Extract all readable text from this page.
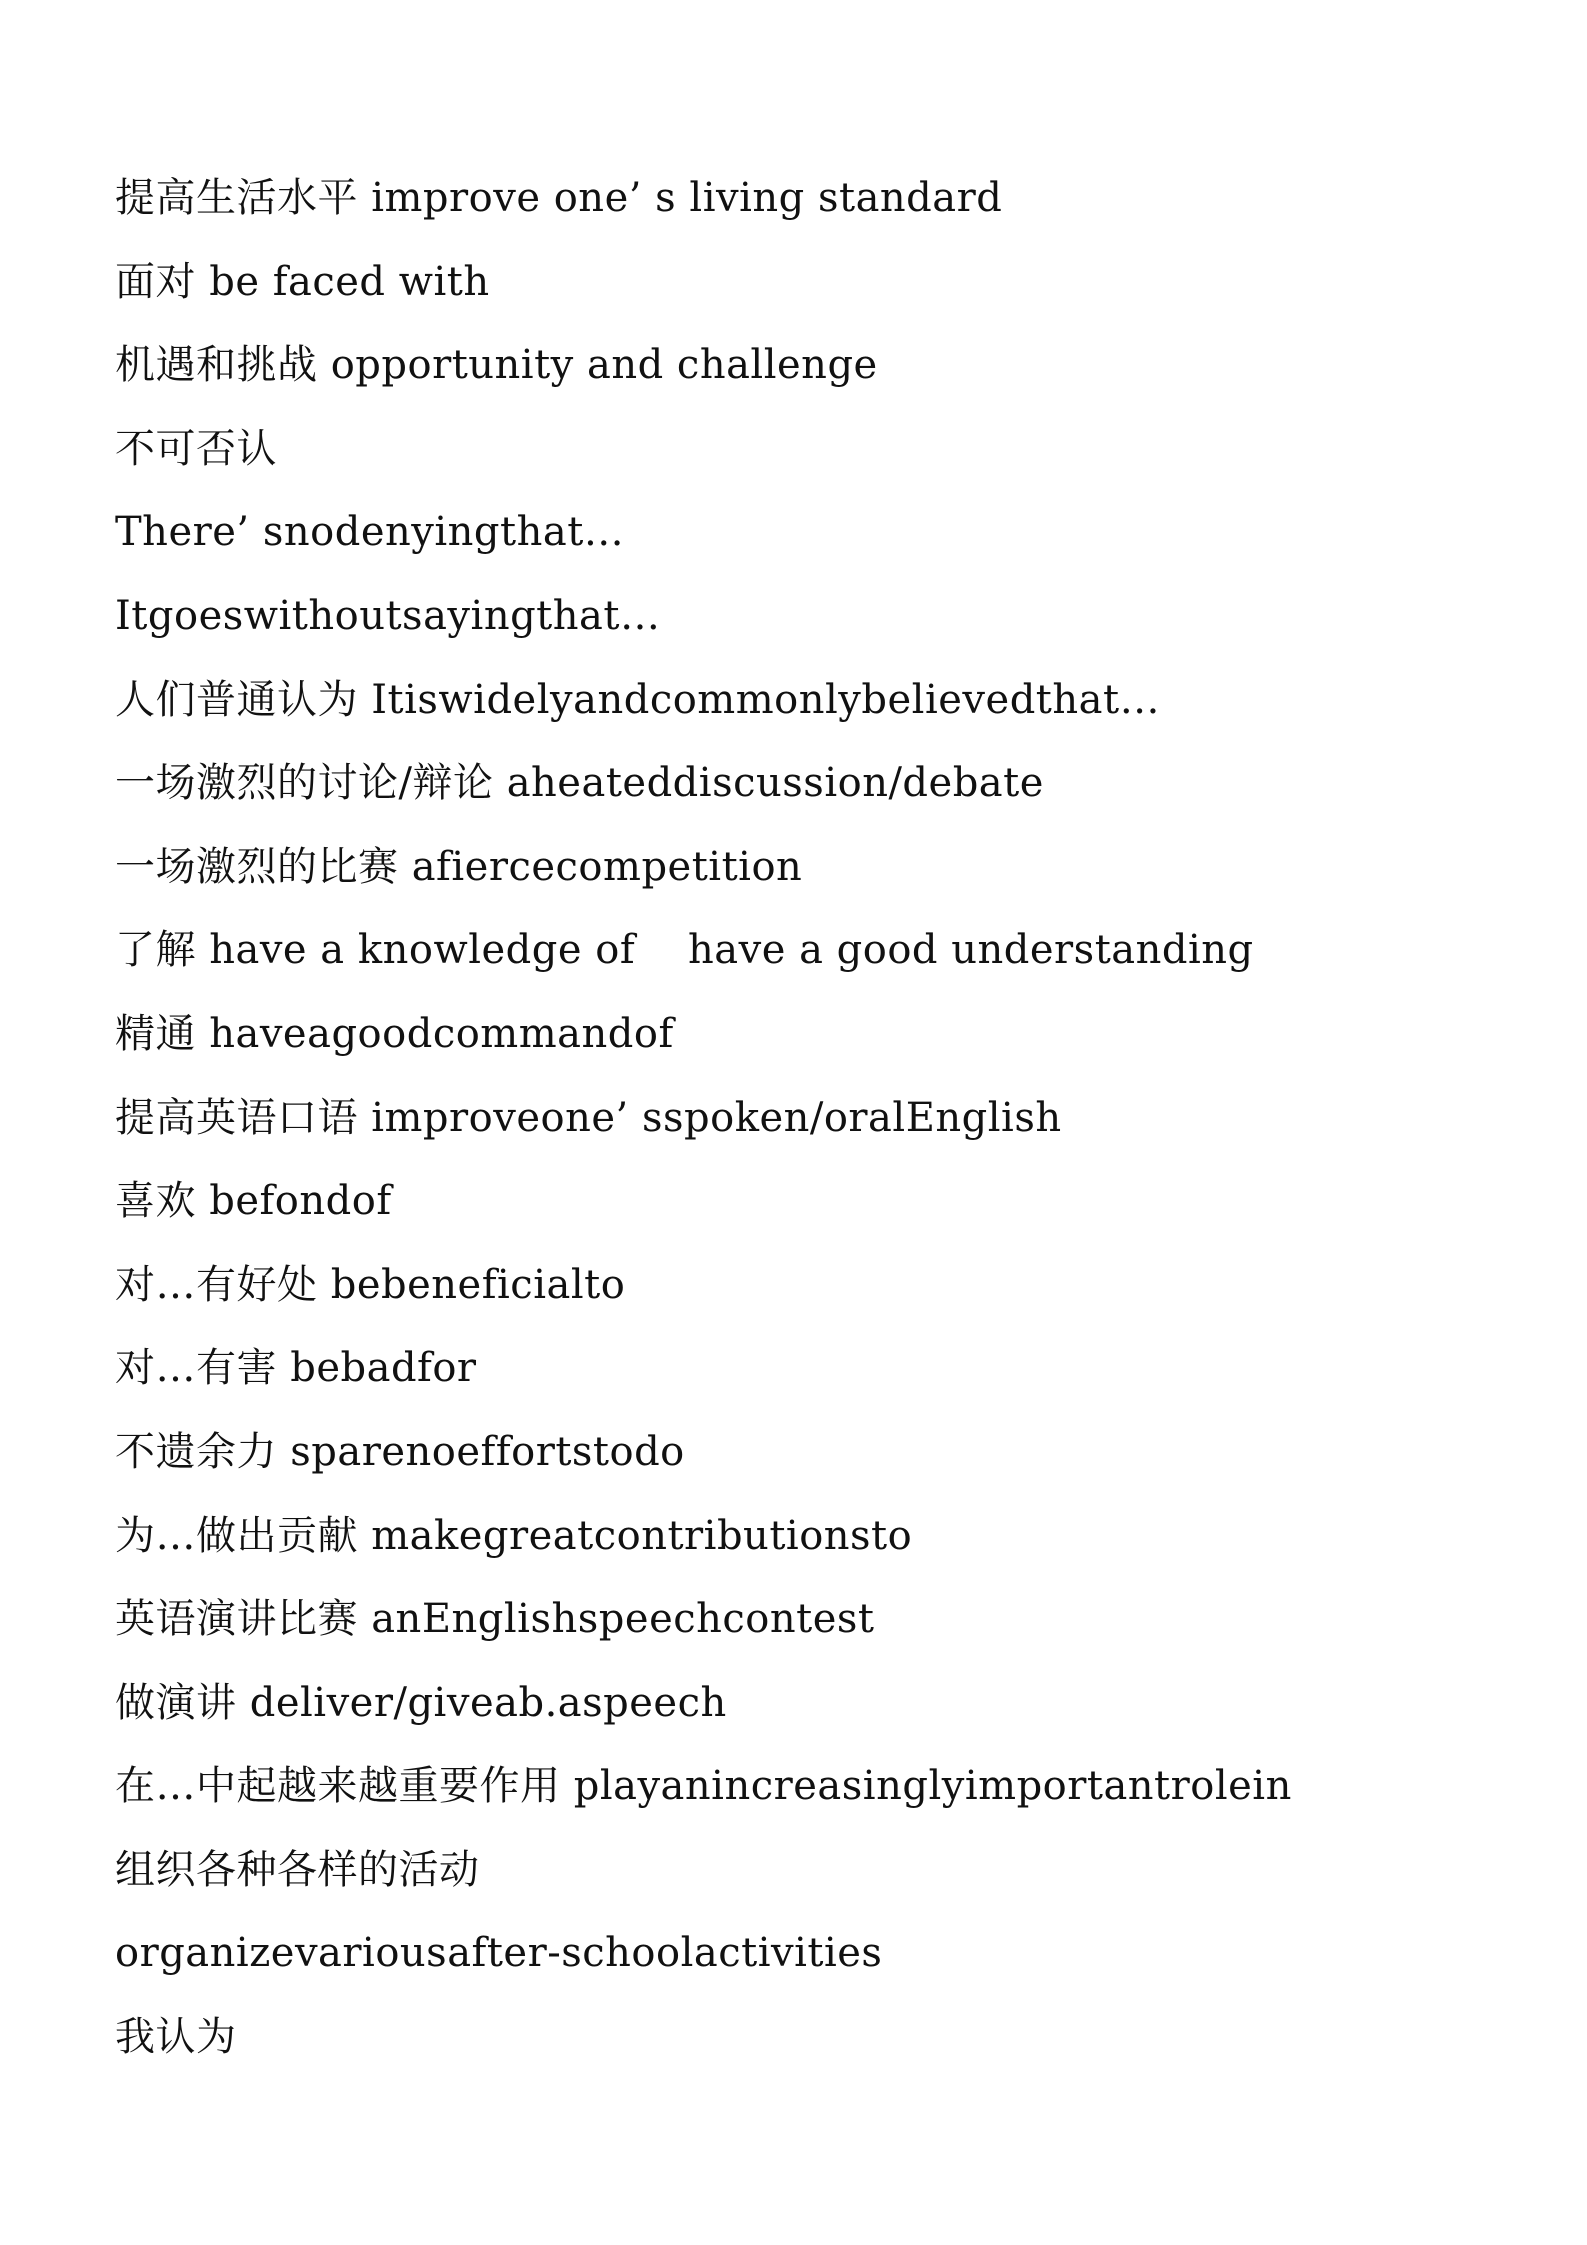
提高生活水平 improve one’ s living standard
面对 be faced with
机遇和挑战 opportunity and challenge
不可否认
There’ snodenyingthat…
Itgoeswithoutsayingthat…
人们普通认为 Itiswidelyandcommonlybelievedthat…
一场激烈的讨论/辩论 aheateddiscussion/debate
一场激烈的比赛 afiercecompetition
了解 have a knowledge of    have a good understanding
精通 haveagoodcommandof
提高英语口语 improveone’ sspoken/oralEnglish
喜欢 befondof
对…有好处 bebeneficialto
对…有害 bebadfor
不遗余力 sparenoeffortstodo
为…做出贡献 makegreatcontributionsto
英语演讲比赛 anEnglishspeechcontest
做演讲 deliver/giveab.aspeech
在…中起越来越重要作用 playanincreasinglyimportantrolein
组织各种各样的活动
organizevariousafter-schoolactivities
我认为
